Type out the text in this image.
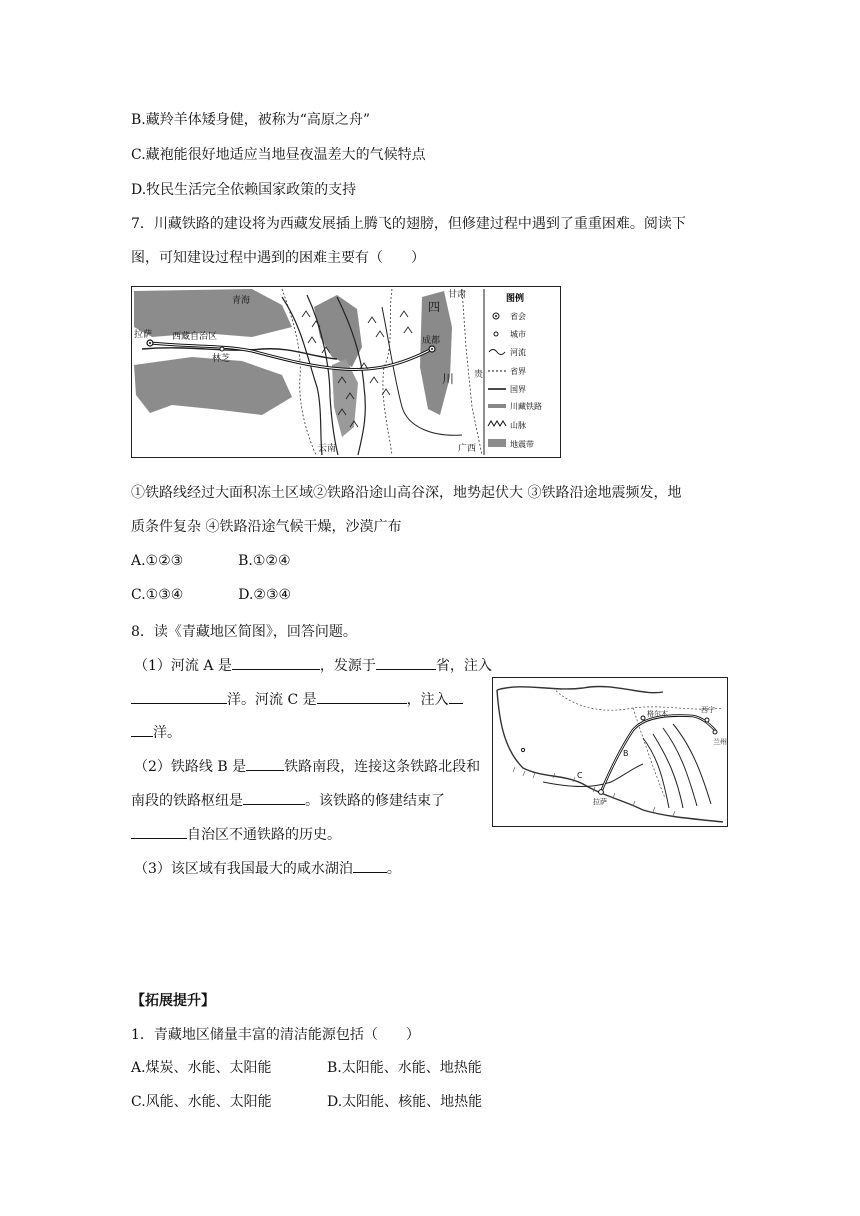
B.藏羚羊体矮身健，被称为“高原之舟”
C.藏袍能很好地适应当地昼夜温差大的气候特点
D.牧民生活完全依赖国家政策的支持
7．川藏铁路的建设将为西藏发展插上腾飞的翅膀，但修建过程中遇到了重重困难。阅读下
图，可知建设过程中遇到的困难主要有（　　）
拉萨 西藏自治区
青海
林芝
成都
四
川
云南
甘肃
广西
贵
图例
省会
城市
河流
省界
国界
川藏铁路
山脉
地震带
①铁路线经过大面积冻土区域②铁路沿途山高谷深，地势起伏大 ③铁路沿途地震频发，地
质条件复杂 ④铁路沿途气候干燥，沙漠广布
A.①②③	B.①②④
C.①③④	D.②③④
8．读《青藏地区简图》，回答问题。
（1）河流 A 是	，发源于	省，注入
洋。河流 C 是	，注入
洋。
（2）铁路线 B 是	铁路南段，连接这条铁路北段和
南段的铁路枢纽是	。该铁路的修建结束了
自治区不通铁路的历史。
（3）该区域有我国最大的咸水湖泊 。
拉萨
格尔木	西宁
兰州
B
C
【拓展提升】
1．青藏地区储量丰富的清洁能源包括（　　）
A.煤炭、水能、太阳能	B.太阳能、水能、地热能
C.风能、水能、太阳能	D.太阳能、核能、地热能
